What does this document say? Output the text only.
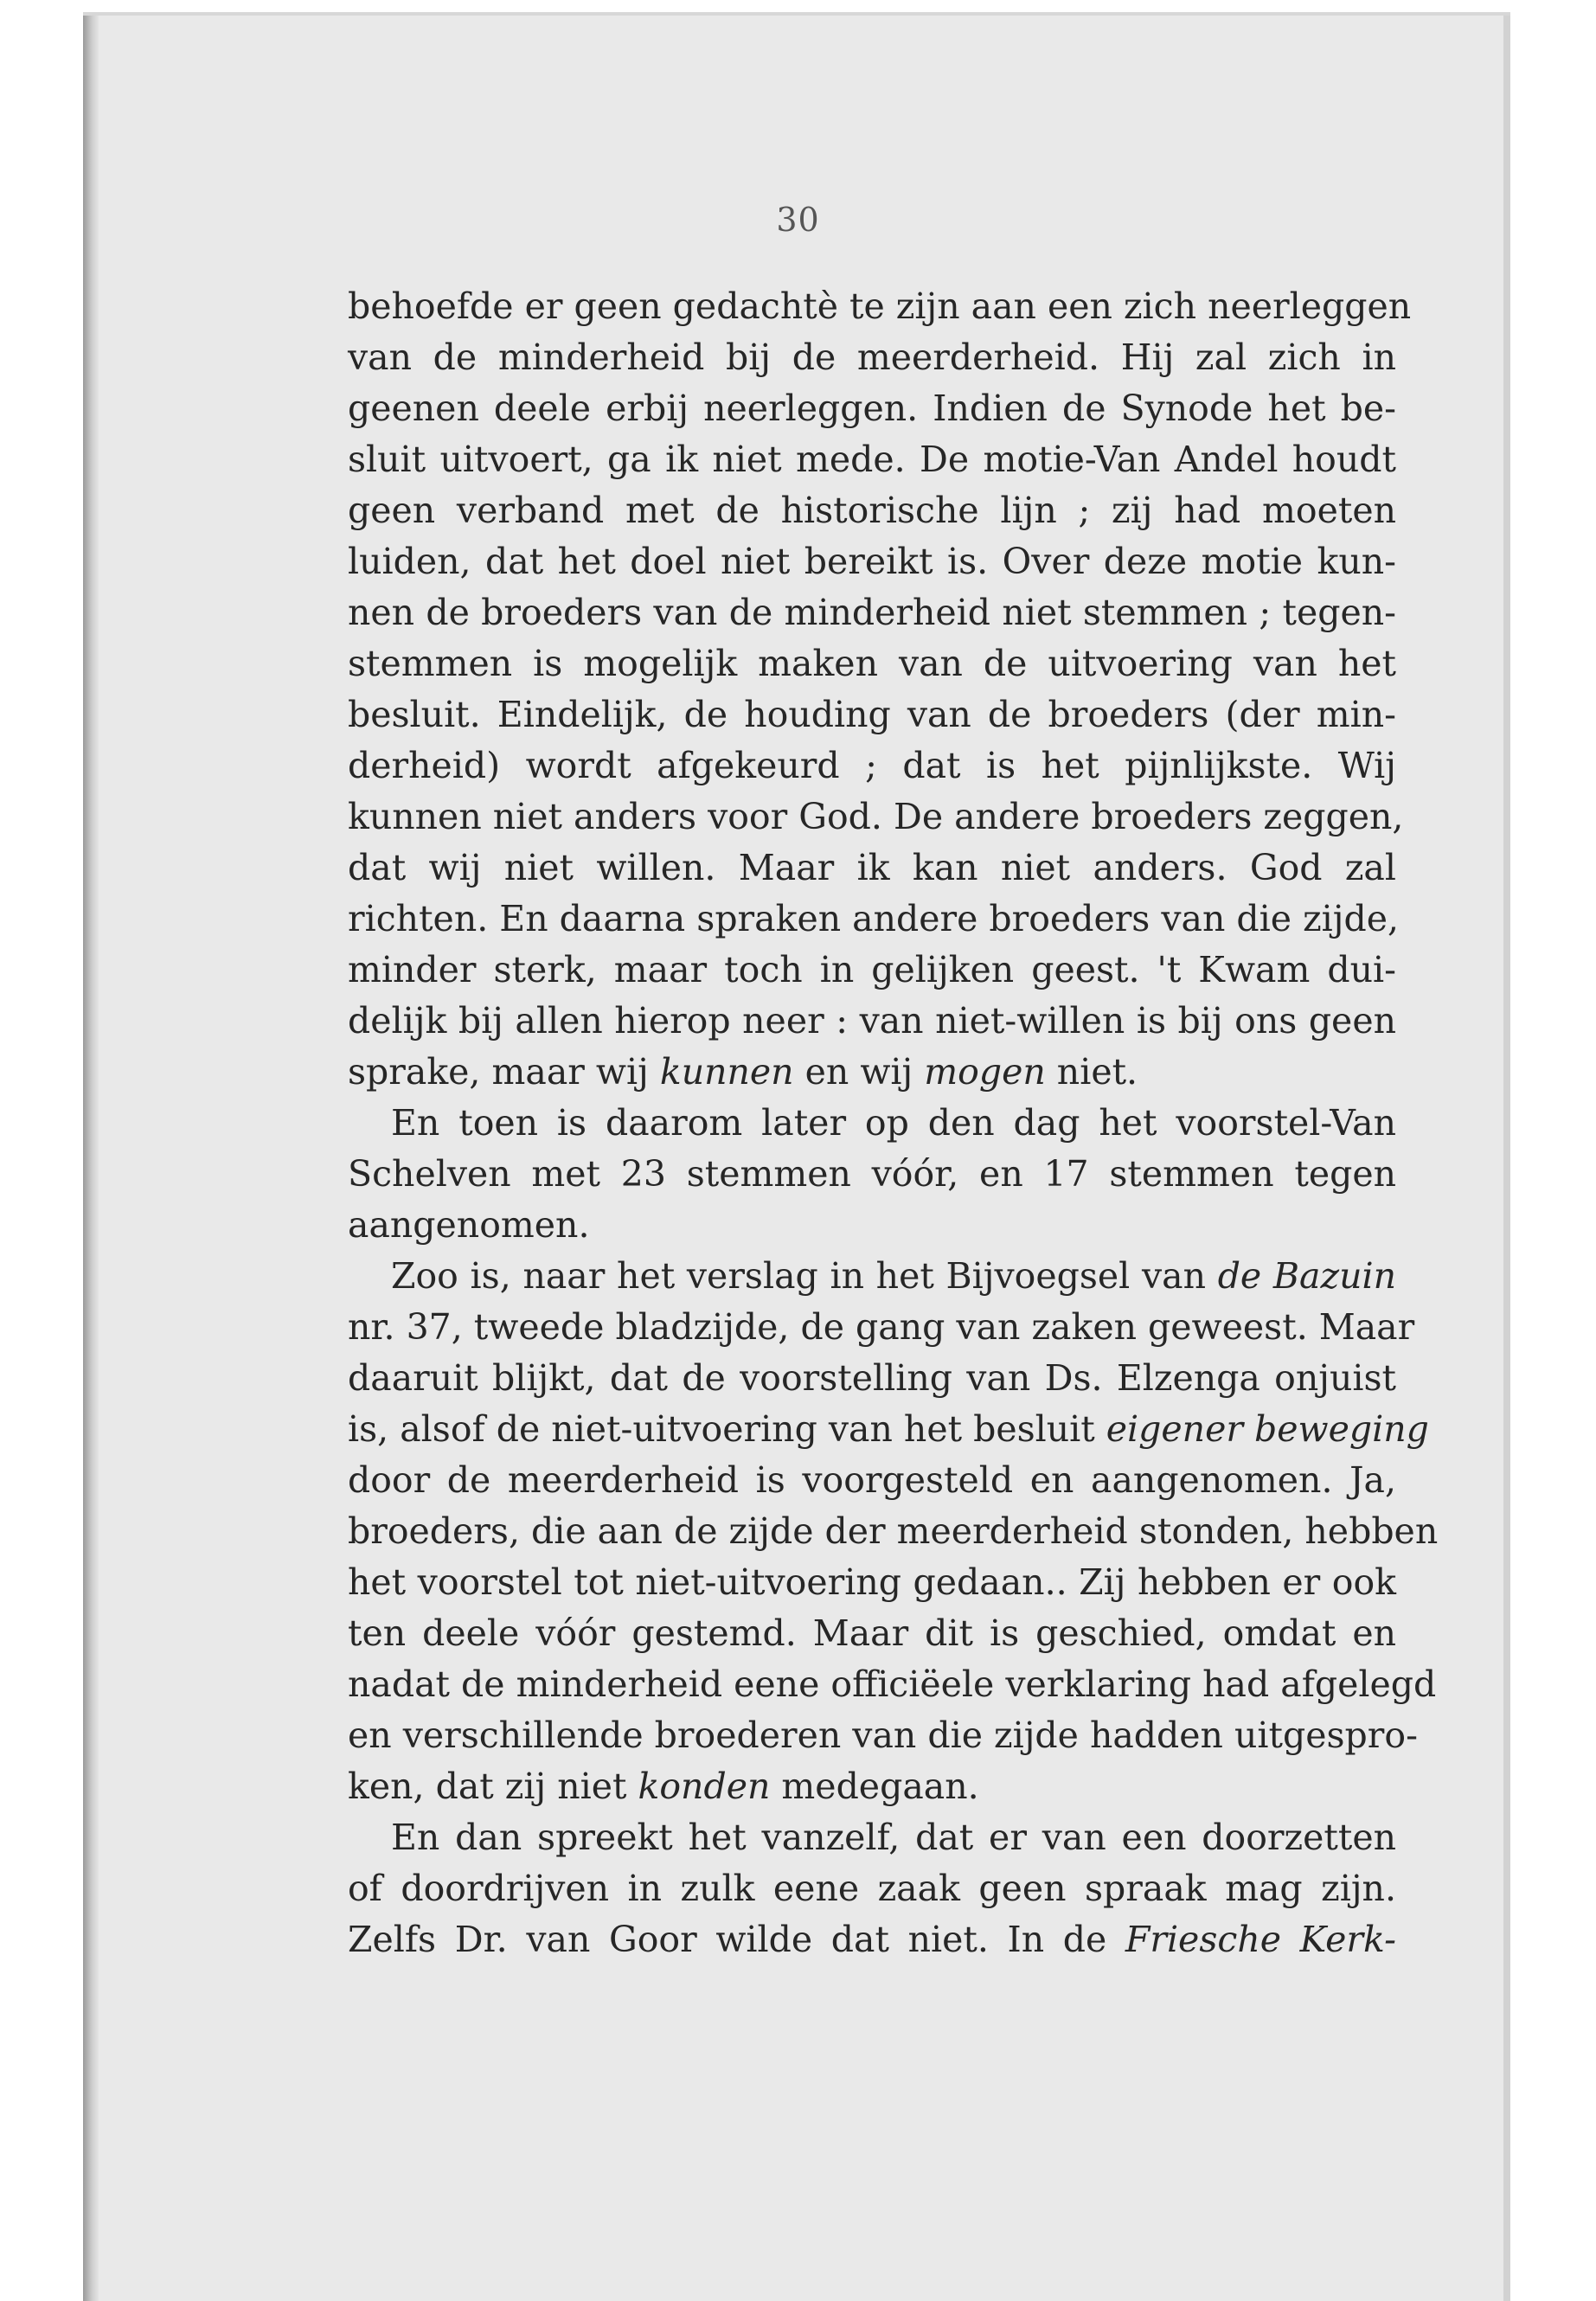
30
behoefde er geen gedachtè te zijn aan een zich neerleggen
van de minderheid bij de meerderheid. Hij zal zich in
geenen deele erbij neerleggen. Indien de Synode het be-
sluit uitvoert, ga ik niet mede. De motie-Van Andel houdt
geen verband met de historische lijn ; zij had moeten
luiden, dat het doel niet bereikt is. Over deze motie kun-
nen de broeders van de minderheid niet stemmen ; tegen-
stemmen is mogelijk maken van de uitvoering van het
besluit. Eindelijk, de houding van de broeders (der min-
derheid) wordt afgekeurd ; dat is het pijnlijkste. Wij
kunnen niet anders voor God. De andere broeders zeggen,
dat wij niet willen. Maar ik kan niet anders. God zal
richten. En daarna spraken andere broeders van die zijde,
minder sterk, maar toch in gelijken geest. 't Kwam dui-
delijk bij allen hierop neer : van niet-willen is bij ons geen
sprake, maar wij kunnen en wij mogen niet.
En toen is daarom later op den dag het voorstel-Van
Schelven met 23 stemmen vóór, en 17 stemmen tegen
aangenomen.
Zoo is, naar het verslag in het Bijvoegsel van de Bazuin
nr. 37, tweede bladzijde, de gang van zaken geweest. Maar
daaruit blijkt, dat de voorstelling van Ds. Elzenga onjuist
is, alsof de niet-uitvoering van het besluit eigener beweging
door de meerderheid is voorgesteld en aangenomen. Ja,
broeders, die aan de zijde der meerderheid stonden, hebben
het voorstel tot niet-uitvoering gedaan.. Zij hebben er ook
ten deele vóór gestemd. Maar dit is geschied, omdat en
nadat de minderheid eene officiëele verklaring had afgelegd
en verschillende broederen van die zijde hadden uitgespro-
ken, dat zij niet konden medegaan.
En dan spreekt het vanzelf, dat er van een doorzetten
of doordrijven in zulk eene zaak geen spraak mag zijn.
Zelfs Dr. van Goor wilde dat niet. In de Friesche Kerk-
